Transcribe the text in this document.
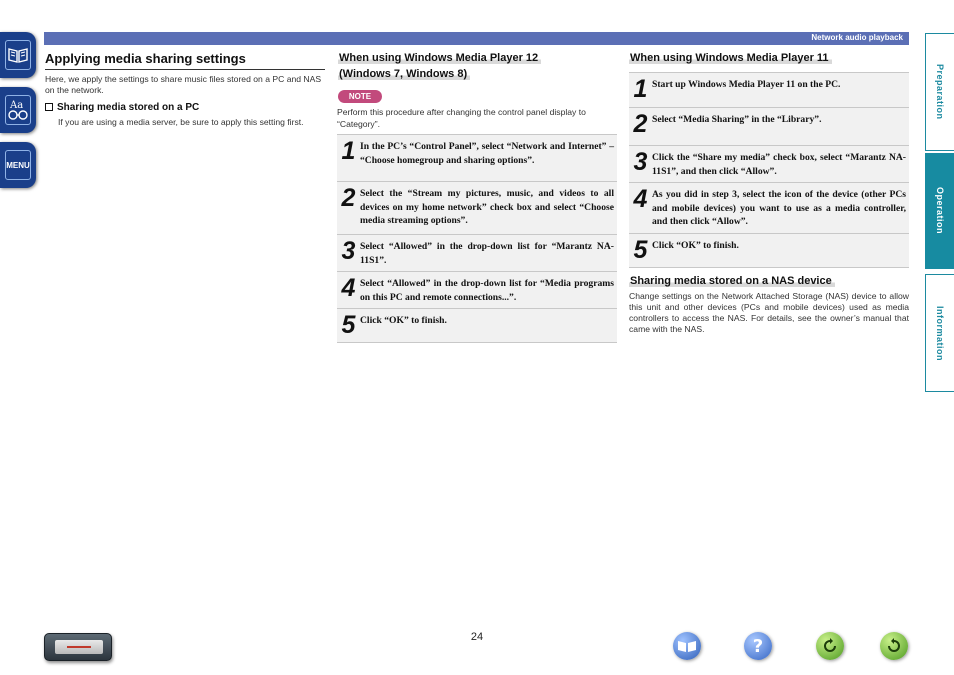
Network audio playback
Aa
MENU
Preparation
Operation
Information
Applying media sharing settings
Here, we apply the settings to share music files stored on a PC and NAS on the network.
Sharing media stored on a PC
If you are using a media server, be sure to apply this setting first.
When using Windows Media Player 12
(Windows 7, Windows 8)
NOTE
Perform this procedure after changing the control panel display to “Category”.
1 In the PC’s “Control Panel”, select “Network and Internet” – “Choose homegroup and sharing options”.
2 Select the “Stream my pictures, music, and videos to all devices on my home network” check box and select “Choose media streaming options”.
3 Select “Allowed” in the drop-down list for “Marantz NA-11S1”.
4 Select “Allowed” in the drop-down list for “Media programs on this PC and remote connections...”.
5 Click “OK” to finish.
When using Windows Media Player 11
1 Start up Windows Media Player 11 on the PC.
2 Select “Media Sharing” in the “Library”.
3 Click the “Share my media” check box, select “Marantz NA-11S1”, and then click “Allow”.
4 As you did in step 3, select the icon of the device (other PCs and mobile devices) you want to use as a media controller, and then click “Allow”.
5 Click “OK” to finish.
Sharing media stored on a NAS device
Change settings on the Network Attached Storage (NAS) device to allow this unit and other devices (PCs and mobile devices) used as media controllers to access the NAS. For details, see the owner’s manual that came with the NAS.
24	?
